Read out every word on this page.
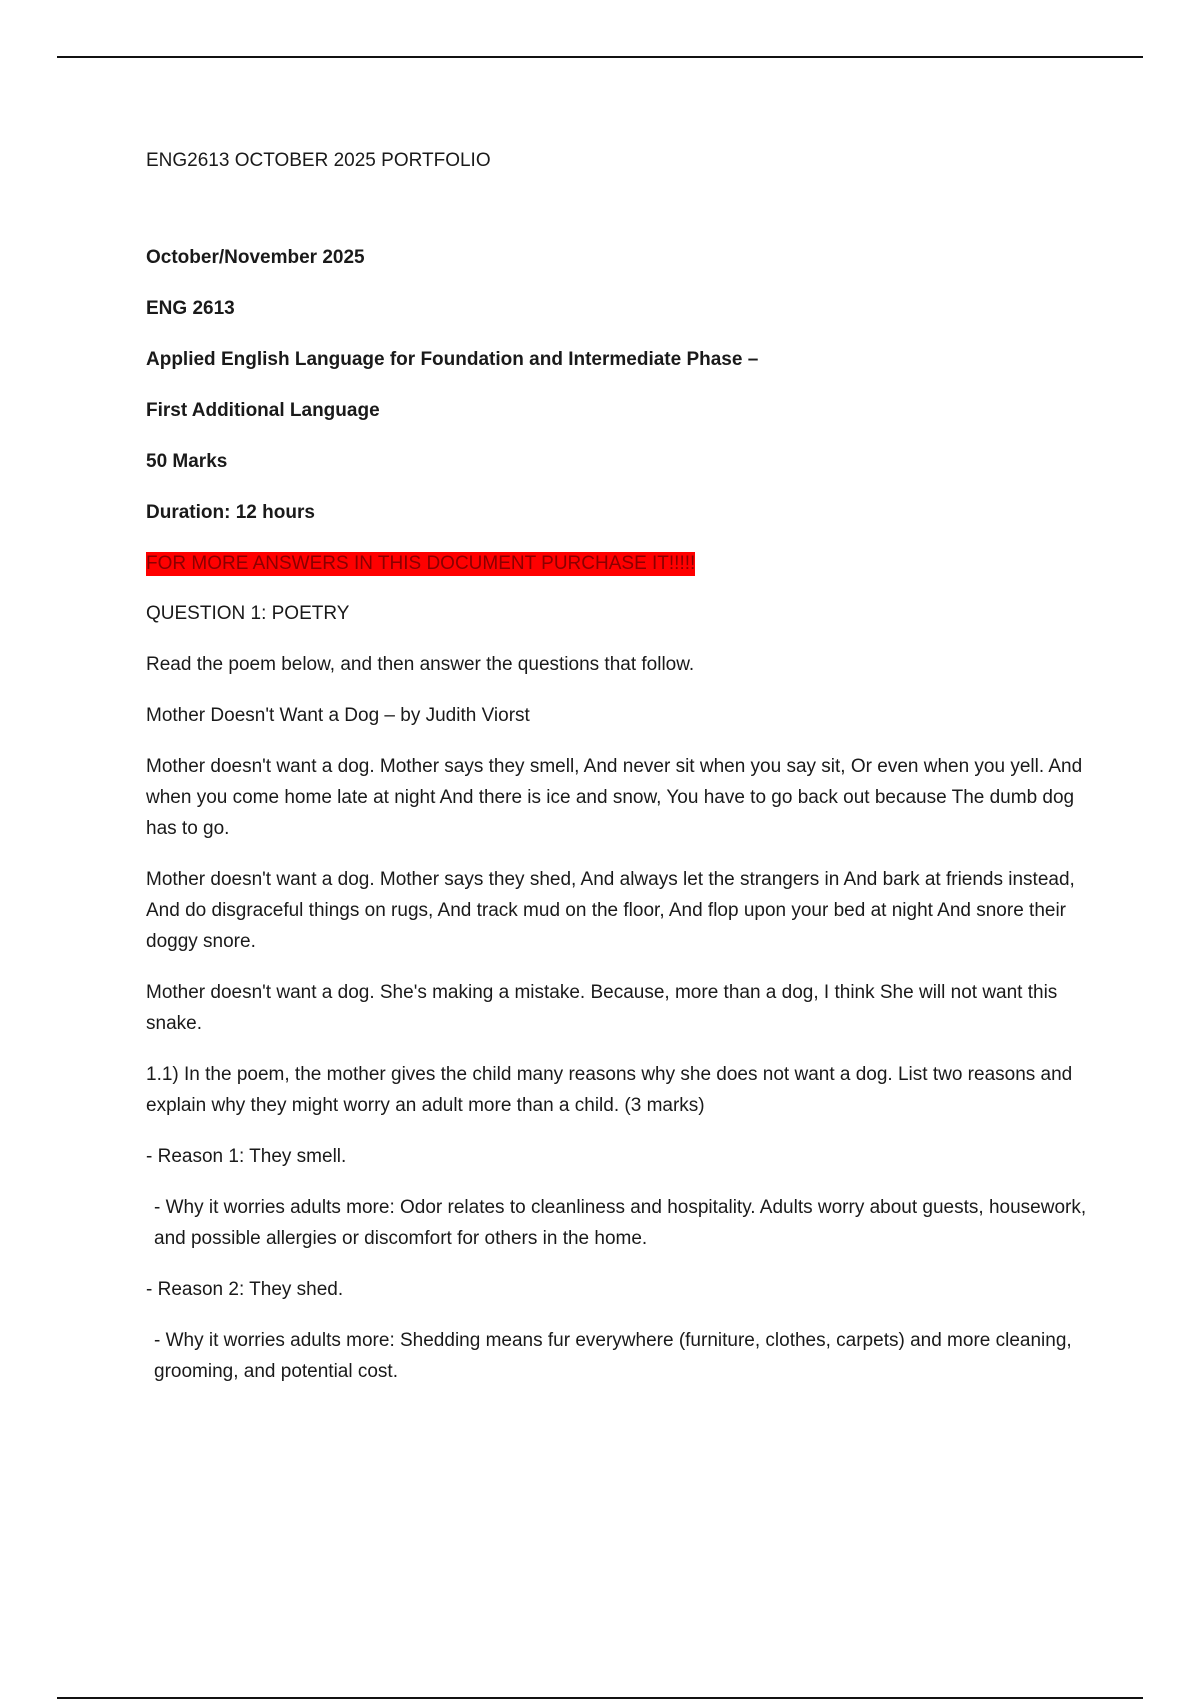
ENG2613 OCTOBER 2025 PORTFOLIO

October/November 2025

ENG 2613

Applied English Language for Foundation and Intermediate Phase –

First Additional Language

50 Marks

Duration: 12 hours

FOR MORE ANSWERS IN THIS DOCUMENT PURCHASE IT!!!!!

QUESTION 1: POETRY

Read the poem below, and then answer the questions that follow.

Mother Doesn't Want a Dog – by Judith Viorst

Mother doesn't want a dog. Mother says they smell, And never sit when you say sit, Or even when you yell. And when you come home late at night And there is ice and snow, You have to go back out because The dumb dog has to go.

Mother doesn't want a dog. Mother says they shed, And always let the strangers in And bark at friends instead, And do disgraceful things on rugs, And track mud on the floor, And flop upon your bed at night And snore their doggy snore.

Mother doesn't want a dog. She's making a mistake. Because, more than a dog, I think She will not want this snake.

1.1) In the poem, the mother gives the child many reasons why she does not want a dog. List two reasons and explain why they might worry an adult more than a child. (3 marks)

- Reason 1: They smell.

- Why it worries adults more: Odor relates to cleanliness and hospitality. Adults worry about guests, housework, and possible allergies or discomfort for others in the home.

- Reason 2: They shed.

- Why it worries adults more: Shedding means fur everywhere (furniture, clothes, carpets) and more cleaning, grooming, and potential cost.
